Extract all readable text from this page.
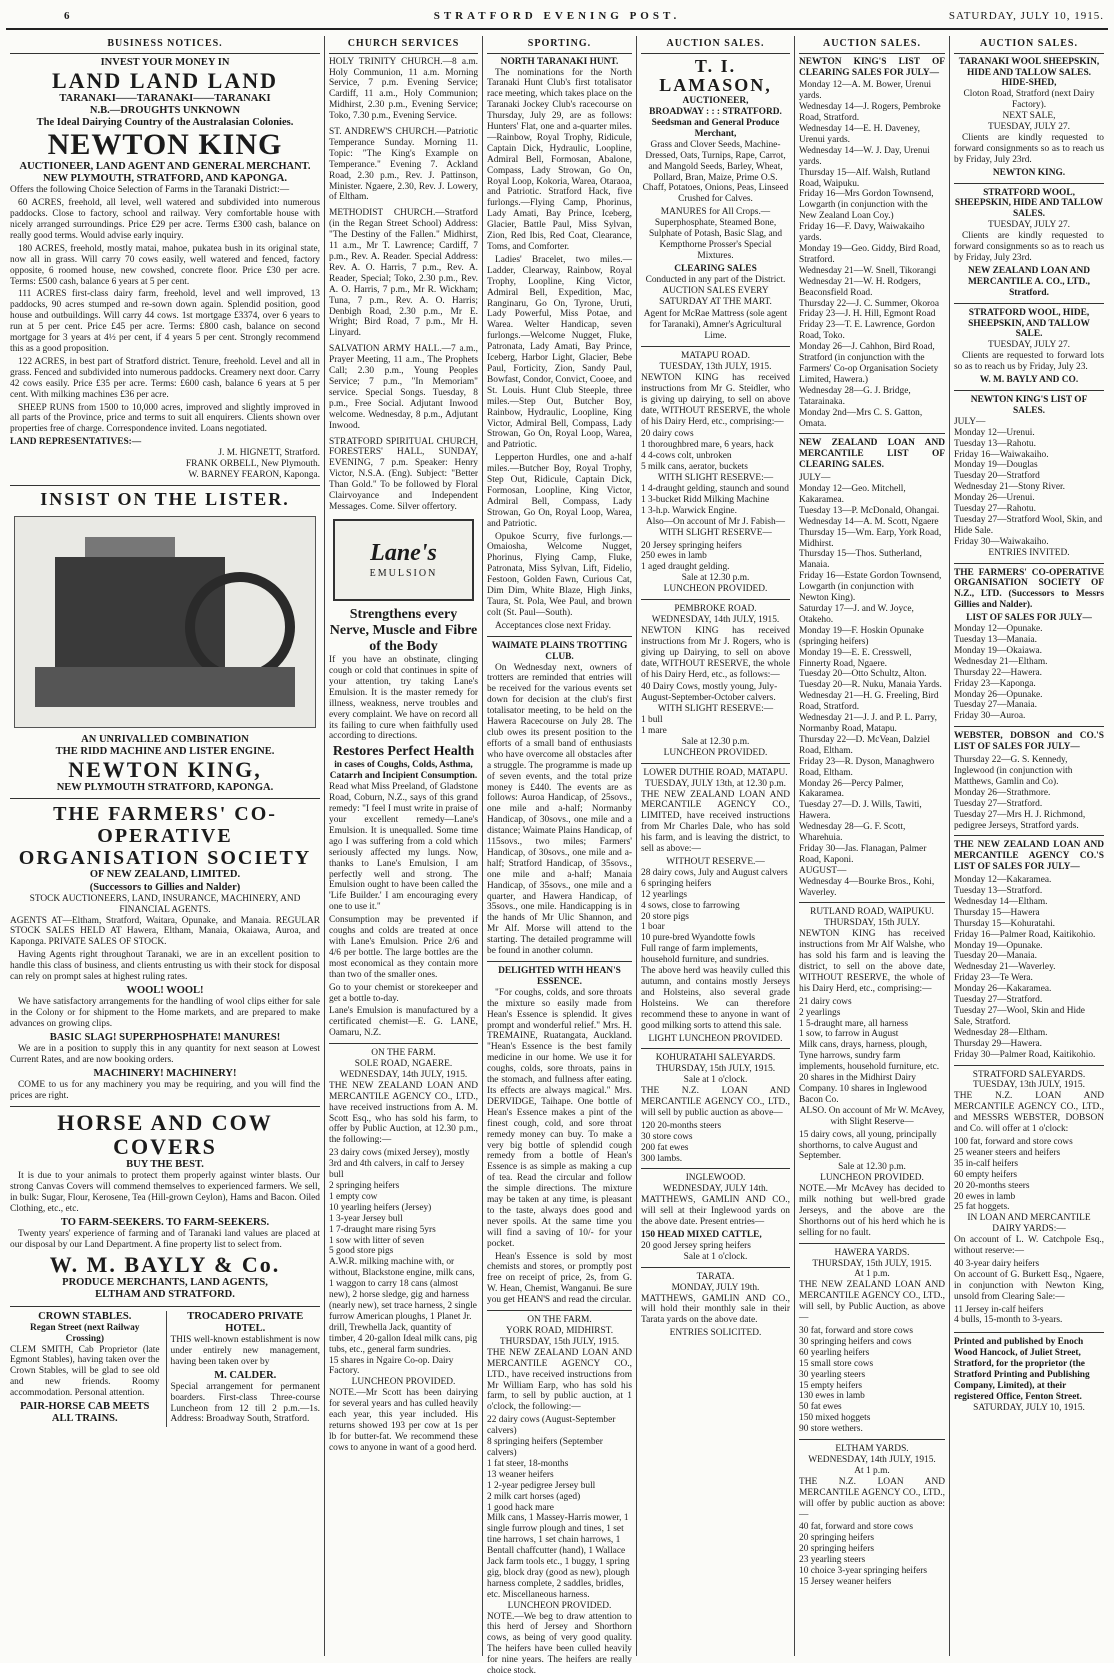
6	STRATFORD EVENING POST.	SATURDAY, JULY 10, 1915.
BUSINESS NOTICES.
INVEST YOUR MONEY IN
LAND LAND LAND
TARANAKI——TARANAKI——TARANAKI
N.B.—DROUGHTS UNKNOWN
The Ideal Dairying Country of the Australasian Colonies.
NEWTON KING
AUCTIONEER, LAND AGENT AND GENERAL MERCHANT.
NEW PLYMOUTH, STRATFORD, AND KAPONGA.

Offers the following Choice Selection of Farms in the Taranaki District:—

60 ACRES, freehold, all level, well watered and subdivided into numerous paddocks. Close to factory, school and railway. Very comfortable house with nicely arranged surroundings. Price £29 per acre. Terms £300 cash, balance on really good terms. Would advise early inquiry.

180 ACRES, freehold, mostly matai, mahoe, pukatea bush in its original state, now all in grass. Will carry 70 cows easily, well watered and fenced, factory opposite, 6 roomed house, new cowshed, concrete floor. Price £30 per acre. Terms: £500 cash, balance 6 years at 5 per cent.

111 ACRES first-class dairy farm, freehold, level and well improved, 13 paddocks, 90 acres stumped and re-sown down again. Splendid position, good house and outbuildings. Will carry 44 cows. 1st mortgage £3374, over 6 years to run at 5 per cent. Price £45 per acre. Terms: £800 cash, balance on second mortgage for 3 years at 4½ per cent, if 4 years 5 per cent. Strongly recommend this as a good proposition.

122 ACRES, in best part of Stratford district. Tenure, freehold. Level and all in grass. Fenced and subdivided into numerous paddocks. Creamery next door. Carry 42 cows easily. Price £35 per acre. Terms: £600 cash, balance 6 years at 5 per cent. With milking machines £36 per acre.

SHEEP RUNS from 1500 to 10,000 acres, improved and slightly improved in all parts of the Province, price and terms to suit all enquirers. Clients shown over properties free of charge. Correspondence invited. Loans negotiated.

LAND REPRESENTATIVES:—
J. M. HIGNETT, Stratford.
FRANK ORBELL, New Plymouth.
W. BARNEY FEARON, Kaponga.
INSIST ON THE LISTER.
AN UNRIVALLED COMBINATION
THE RIDD MACHINE AND LISTER ENGINE.
NEWTON KING,
NEW PLYMOUTH STRATFORD, KAPONGA.
THE FARMERS' CO-OPERATIVE ORGANISATION SOCIETY
OF NEW ZEALAND, LIMITED.
(Successors to Gillies and Nalder)
STOCK AUCTIONEERS, LAND, INSURANCE, MACHINERY, AND FINANCIAL AGENTS.

AGENTS AT—Eltham, Stratford, Waitara, Opunake, and Manaia. REGULAR STOCK SALES HELD AT Hawera, Eltham, Manaia, Okaiawa, Auroa, and Kaponga. PRIVATE SALES OF STOCK.

Having Agents right throughout Taranaki, we are in an excellent position to handle this class of business, and clients entrusting us with their stock for disposal can rely on prompt sales at highest ruling rates.

WOOL! WOOL!

We have satisfactory arrangements for the handling of wool clips either for sale in the Colony or for shipment to the Home markets, and are prepared to make advances on growing clips.

BASIC SLAG! SUPERPHOSPHATE! MANURES!

We are in a position to supply this in any quantity for next season at Lowest Current Rates, and are now booking orders.

MACHINERY! MACHINERY!

COME to us for any machinery you may be requiring, and you will find the prices are right.

HORSE AND COW COVERS
BUY THE BEST.

It is due to your animals to protect them properly against winter blasts. Our strong Canvas Covers will commend themselves to experienced farmers. We sell, in bulk: Sugar, Flour, Kerosene, Tea (Hill-grown Ceylon), Hams and Bacon. Oiled Clothing, etc., etc.

TO FARM-SEEKERS. TO FARM-SEEKERS.

Twenty years' experience of farming and of Taranaki land values are placed at our disposal by our Land Department. A fine property list to select from.

W. M. BAYLY & Co.
PRODUCE MERCHANTS, LAND AGENTS,
ELTHAM AND STRATFORD.
CROWN STABLES.
Regan Street (next Railway Crossing)

CLEM SMITH, Cab Proprietor (late Egmont Stables), having taken over the Crown Stables, will be glad to see old and new friends. Roomy accommodation. Personal attention.

PAIR-HORSE CAB MEETS ALL TRAINS.
TROCADERO PRIVATE HOTEL.

THIS well-known establishment is now under entirely new management, having been taken over by

M. CALDER.

Special arrangement for permanent boarders. First-class Three-course Luncheon from 12 till 2 p.m.—1s. Address: Broadway South, Stratford.

CHURCH SERVICES

HOLY TRINITY CHURCH.—8 a.m. Holy Communion, 11 a.m. Morning Service, 7 p.m. Evening Service; Cardiff, 11 a.m., Holy Communion; Midhirst, 2.30 p.m., Evening Service; Toko, 7.30 p.m., Evening Service.

ST. ANDREW'S CHURCH.—Patriotic Temperance Sunday. Morning 11. Topic: "The King's Example on Temperance." Evening 7. Ackland Road, 2.30 p.m., Rev. J. Pattinson, Minister. Ngaere, 2.30, Rev. J. Lowery, of Eltham.

METHODIST CHURCH.—Stratford (in the Regan Street School) Address: "The Destiny of the Fallen." Midhirst, 11 a.m., Mr T. Lawrence; Cardiff, 7 p.m., Rev. A. Reader. Special Address: Rev. A. O. Harris, 7 p.m., Rev. A. Reader, Special; Toko, 2.30 p.m., Rev. A. O. Harris, 7 p.m., Mr R. Wickham; Tuna, 7 p.m., Rev. A. O. Harris; Denbigh Road, 2.30 p.m., Mr E. Wright; Bird Road, 7 p.m., Mr H. Linyard.

SALVATION ARMY HALL.—7 a.m., Prayer Meeting, 11 a.m., The Prophets Call; 2.30 p.m., Young Peoples Service; 7 p.m., "In Memoriam" service. Special Songs. Tuesday, 8 p.m., Free Social. Adjutant Inwood welcome. Wednesday, 8 p.m., Adjutant Inwood.

STRATFORD SPIRITUAL CHURCH, FORESTERS' HALL, SUNDAY, EVENING, 7 p.m. Speaker: Henry Victor, N.S.A. (Eng). Subject: "Better Than Gold." To be followed by Floral Clairvoyance and Independent Messages. Come. Silver offertory.

Lane's
EMULSION
Strengthens every Nerve, Muscle and Fibre of the Body

If you have an obstinate, clinging cough or cold that continues in spite of your attention, try taking Lane's Emulsion. It is the master remedy for illness, weakness, nerve troubles and every complaint. We have on record all its failing to cure when faithfully used according to directions.

Restores Perfect Health
in cases of Coughs, Colds, Asthma, Catarrh and Incipient Consumption.

Read what Miss Preeland, of Gladstone Road, Coburn, N.Z., says of this grand remedy: "I feel I must write in praise of your excellent remedy—Lane's Emulsion. It is unequalled. Some time ago I was suffering from a cold which seriously affected my lungs. Now, thanks to Lane's Emulsion, I am perfectly well and strong. The Emulsion ought to have been called the 'Life Builder.' I am encouraging every one to use it."

Consumption may be prevented if coughs and colds are treated at once with Lane's Emulsion. Price 2/6 and 4/6 per bottle. The large bottles are the most economical as they contain more than two of the smaller ones.

Go to your chemist or storekeeper and get a bottle to-day.

Lane's Emulsion is manufactured by a certificated chemist—E. G. LANE, Oamaru, N.Z.

ON THE FARM.
SOLE ROAD, NGAERE.
WEDNESDAY, 14th JULY, 1915.

THE NEW ZEALAND LOAN AND MERCANTILE AGENCY CO., LTD., have received instructions from A. M. Scott Esq., who has sold his farm, to offer by Public Auction, at 12.30 p.m., the following:—

23 dairy cows (mixed Jersey), mostly 3rd and 4th calvers, in calf to Jersey bull
2 springing heifers
1 empty cow
10 yearling heifers (Jersey)
1 3-year Jersey bull
1 7-draught mare rising 5yrs
1 sow with litter of seven
5 good store pigs
A.W.R. milking machine with, or without, Blackstone engine, milk cans, 1 waggon to carry 18 cans (almost new), 2 horse sledge, gig and harness (nearly new), set trace harness, 2 single furrow American ploughs, 1 Planet Jr. drill, Trewhella Jack, quantity of timber, 4 20-gallon Ideal milk cans, pig tubs, etc., general farm sundries.
15 shares in Ngaire Co-op. Dairy Factory.
LUNCHEON PROVIDED.

NOTE.—Mr Scott has been dairying for several years and has culled heavily each year, this year included. His returns showed 193 per cow at 1s per lb for butter-fat. We recommend these cows to anyone in want of a good herd.

SPORTING.
NORTH TARANAKI HUNT.

The nominations for the North Taranaki Hunt Club's first totalisator race meeting, which takes place on the Taranaki Jockey Club's racecourse on Thursday, July 29, are as follows: Hunters' Flat, one and a-quarter miles.—Rainbow, Royal Trophy, Ridicule, Captain Dick, Hydraulic, Loopline, Admiral Bell, Formosan, Abalone, Compass, Lady Strowan, Go On, Royal Loop, Kokoria, Warea, Otaraoa, and Patriotic. Stratford Hack, five furlongs.—Flying Camp, Phorinus, Lady Amati, Bay Prince, Iceberg, Glacier, Battle Paul, Miss Sylvan, Zion, Red Ibis, Red Coat, Clearance, Toms, and Comforter.

Ladies' Bracelet, two miles.—Ladder, Clearway, Rainbow, Royal Trophy, Loopline, King Victor, Admiral Bell, Expedition, Mac, Ranginaru, Go On, Tyrone, Uruti, Lady Powerful, Miss Potae, and Warea. Welter Handicap, seven furlongs.—Welcome Nugget, Fluke, Patronata, Lady Amati, Bay Prince, Iceberg, Harbor Light, Glacier, Bebe Paul, Forticity, Zion, Sandy Paul, Bowfast, Condor, Convict, Cooee, and St. Louis. Hunt Club Steeple, three miles.—Step Out, Butcher Boy, Rainbow, Hydraulic, Loopline, King Victor, Admiral Bell, Compass, Lady Strowan, Go On, Royal Loop, Warea, and Patriotic.

Lepperton Hurdles, one and a-half miles.—Butcher Boy, Royal Trophy, Step Out, Ridicule, Captain Dick, Formosan, Loopline, King Victor, Admiral Bell, Compass, Lady Strowan, Go On, Royal Loop, Warea, and Patriotic.

Opukoe Scurry, five furlongs.—Omaiosha, Welcome Nugget, Phorinus, Flying Camp, Fluke, Patronata, Miss Sylvan, Lift, Fidelio, Festoon, Golden Fawn, Curious Cat, Dim Dim, White Blaze, High Jinks, Taura, St. Pola, Wee Paul, and brown colt (St. Paul—South).

Acceptances close next Friday.

WAIMATE PLAINS TROTTING CLUB.

On Wednesday next, owners of trotters are reminded that entries will be received for the various events set down for decision at the club's first totalisator meeting, to be held on the Hawera Racecourse on July 28. The club owes its present position to the efforts of a small band of enthusiasts who have overcome all obstacles after a struggle. The programme is made up of seven events, and the total prize money is £440. The events are as follows: Auroa Handicap, of 25sovs., one mile and a-half; Normanby Handicap, of 30sovs., one mile and a distance; Waimate Plains Handicap, of 115sovs., two miles; Farmers' Handicap, of 30sovs., one mile and a-half; Stratford Handicap, of 35sovs., one mile and a-half; Manaia Handicap, of 35sovs., one mile and a quarter, and Hawera Handicap, of 35sovs., one mile. Handicapping is in the hands of Mr Ulic Shannon, and Mr Alf. Morse will attend to the starting. The detailed programme will be found in another column.

DELIGHTED WITH HEAN'S ESSENCE.

"For coughs, colds, and sore throats the mixture so easily made from Hean's Essence is splendid. It gives prompt and wonderful relief." Mrs. H. TREMAINE, Ruatangata, Auckland. "Hean's Essence is the best family medicine in our home. We use it for coughs, colds, sore throats, pains in the stomach, and fullness after eating. Its effects are always magical." Mrs. DERVIDGE, Taihape. One bottle of Hean's Essence makes a pint of the finest cough, cold, and sore throat remedy money can buy. To make a very big bottle of splendid cough remedy from a bottle of Hean's Essence is as simple as making a cup of tea. Read the circular and follow the simple directions. The mixture may be taken at any time, is pleasant to the taste, always does good and never spoils. At the same time you will find a saving of 10/- for your pocket.

Hean's Essence is sold by most chemists and stores, or promptly post free on receipt of price, 2s, from G. W. Hean, Chemist, Wanganui. Be sure you get HEAN'S and read the circular.

ON THE FARM.
YORK ROAD, MIDHIRST.
THURSDAY, 15th JULY, 1915.

THE NEW ZEALAND LOAN AND MERCANTILE AGENCY CO., LTD., have received instructions from Mr William Earp, who has sold his farm, to sell by public auction, at 1 o'clock, the following:—

22 dairy cows (August-September calvers)
8 springing heifers (September calvers)
1 fat steer, 18-months
13 weaner heifers
1 2-year pedigree Jersey bull
2 milk cart horses (aged)
1 good hack mare
Milk cans, 1 Massey-Harris mower, 1 single furrow plough and tines, 1 set tine harrows, 1 set chain harrows, 1 Bentall chaffcutter (hand), 1 Wallace Jack farm tools etc., 1 buggy, 1 spring gig, block dray (good as new), plough harness complete, 2 saddles, bridles, etc. Miscellaneous harness.
LUNCHEON PROVIDED.

NOTE.—We beg to draw attention to this herd of Jersey and Shorthorn cows, as being of very good quality. The heifers have been culled heavily for nine years. The heifers are really choice stock.

AUCTION SALES.
T. I. LAMASON,
AUCTIONEER,
BROADWAY : : : STRATFORD.
Seedsman and General Produce Merchant,

Grass and Clover Seeds, Machine-Dressed, Oats, Turnips, Rape, Carrot, and Mangold Seeds, Barley, Wheat, Pollard, Bran, Maize, Prime O.S. Chaff, Potatoes, Onions, Peas, Linseed Crushed for Calves.

MANURES for All Crops.—Superphosphate, Steamed Bone, Sulphate of Potash, Basic Slag, and Kempthorne Prosser's Special Mixtures.

CLEARING SALES

Conducted in any part of the District. AUCTION SALES EVERY SATURDAY AT THE MART.

Agent for McRae Mattress (sole agent for Taranaki), Amner's Agricultural Lime.

MATAPU ROAD.
TUESDAY, 13th JULY, 1915.

NEWTON KING has received instructions from Mr G. Steidler, who is giving up dairying, to sell on above date, WITHOUT RESERVE, the whole of his Dairy Herd, etc., comprising:—

20 dairy cows
1 thoroughbred mare, 6 years, hack
4 4-cows colt, unbroken
5 milk cans, aerator, buckets
WITH SLIGHT RESERVE:—
1 4-draught gelding, staunch and sound
1 3-bucket Ridd Milking Machine
1 3-h.p. Warwick Engine.

Also—On account of Mr J. Fabish—WITH SLIGHT RESERVE—

20 Jersey springing heifers
250 ewes in lamb
1 aged draught gelding.
Sale at 12.30 p.m.
LUNCHEON PROVIDED.
PEMBROKE ROAD.
WEDNESDAY, 14th JULY, 1915.

NEWTON KING has received instructions from Mr J. Rogers, who is giving up Dairying, to sell on above date, WITHOUT RESERVE, the whole of his Dairy Herd, etc., as follows:—

40 Dairy Cows, mostly young, July-August-September-October calvers.
WITH SLIGHT RESERVE:—
1 bull
1 mare
Sale at 12.30 p.m.
LUNCHEON PROVIDED.
LOWER DUTHIE ROAD, MATAPU.
TUESDAY, JULY 13th, at 12.30 p.m.

THE NEW ZEALAND LOAN AND MERCANTILE AGENCY CO., LIMITED, have received instructions from Mr Charles Dale, who has sold his farm, and is leaving the district, to sell as above:—

WITHOUT RESERVE.—
28 dairy cows, July and August calvers
6 springing heifers
12 yearlings
4 sows, close to farrowing
20 store pigs
1 boar
10 pure-bred Wyandotte fowls
Full range of farm implements, household furniture, and sundries.

The above herd was heavily culled this autumn, and contains mostly Jerseys and Holsteins, also several grade Holsteins. We can therefore recommend these to anyone in want of good milking sorts to attend this sale.

LIGHT LUNCHEON PROVIDED.
KOHURATAHI SALEYARDS.
THURSDAY, 15th JULY, 1915.
Sale at 1 o'clock.

THE N.Z. LOAN AND MERCANTILE AGENCY CO., LTD., will sell by public auction as above—

120 20-months steers
30 store cows
200 fat ewes
300 lambs.
INGLEWOOD.
WEDNESDAY, JULY 14th.

MATTHEWS, GAMLIN AND CO., will sell at their Inglewood yards on the above date. Present entries—

150 HEAD MIXED CATTLE,
20 good Jersey spring heifers
Sale at 1 o'clock.
TARATA.
MONDAY, JULY 19th.

MATTHEWS, GAMLIN AND CO., will hold their monthly sale in their Tarata yards on the above date.

ENTRIES SOLICITED.
AUCTION SALES.

NEWTON KING'S LIST OF CLEARING SALES FOR JULY—

Monday 12—A. M. Bower, Urenui yards.
Wednesday 14—J. Rogers, Pembroke Road, Stratford.
Wednesday 14—E. H. Daveney, Urenui yards.
Wednesday 14—W. J. Day, Urenui yards.
Thursday 15—Alf. Walsh, Rutland Road, Waipuku.
Friday 16—Mrs Gordon Townsend, Lowgarth (in conjunction with the New Zealand Loan Coy.)
Friday 16—F. Davy, Waiwakaiho yards.
Monday 19—Geo. Giddy, Bird Road, Stratford.
Wednesday 21—W. Snell, Tikorangi
Wednesday 21—W. H. Rodgers, Beaconsfield Road.
Thursday 22—J. C. Summer, Okoroa
Friday 23—J. H. Hill, Egmont Road
Friday 23—T. E. Lawrence, Gordon Road, Toko.
Monday 26—J. Cahhon, Bird Road, Stratford (in conjunction with the Farmers' Co-op Organisation Society Limited, Hawera.)
Wednesday 28—G. J. Bridge, Tatarainaka.
Monday 2nd—Mrs C. S. Gatton, Omata.

NEW ZEALAND LOAN AND MERCANTILE LIST OF CLEARING SALES.

JULY—
Monday 12—Geo. Mitchell, Kakaramea.
Tuesday 13—P. McDonald, Ohangai.
Wednesday 14—A. M. Scott, Ngaere
Thursday 15—Wm. Earp, York Road, Midhirst.
Thursday 15—Thos. Sutherland, Manaia.
Friday 16—Estate Gordon Townsend, Lowgarth (in conjunction with Newton King).
Saturday 17—J. and W. Joyce, Otakeho.
Monday 19—F. Hoskin Opunake (springing heifers)
Monday 19—E. E. Cresswell, Finnerty Road, Ngaere.
Tuesday 20—Otto Schultz, Alton.
Tuesday 20—R. Nuku, Manaia Yards.
Wednesday 21—H. G. Freeling, Bird Road, Stratford.
Wednesday 21—J. J. and P. L. Parry, Normanby Road, Matapu.
Thursday 22—D. McVean, Dalziel Road, Eltham.
Friday 23—R. Dyson, Managhwero Road, Eltham.
Monday 26—Percy Palmer, Kakaramea.
Tuesday 27—D. J. Wills, Tawiti, Hawera.
Wednesday 28—G. F. Scott, Wharehuia.
Friday 30—Jas. Flanagan, Palmer Road, Kaponi.
AUGUST—
Wednesday 4—Bourke Bros., Kohi, Waverley.
RUTLAND ROAD, WAIPUKU.
THURSDAY, 15th JULY.

NEWTON KING has received instructions from Mr Alf Walshe, who has sold his farm and is leaving the district, to sell on the above date, WITHOUT RESERVE, the whole of his Dairy Herd, etc., comprising:—

21 dairy cows
2 yearlings
1 5-draught mare, all harness
1 sow, to farrow in August
Milk cans, drays, harness, plough, Tyne harrows, sundry farm implements, household furniture, etc. 20 shares in the Midhirst Dairy Company. 10 shares in Inglewood Bacon Co.

ALSO. On account of Mr W. McAvey, with Slight Reserve—

15 dairy cows, all young, principally shorthorns, to calve August and September.
Sale at 12.30 p.m.
LUNCHEON PROVIDED.

NOTE.—Mr McAvey has decided to milk nothing but well-bred grade Jerseys, and the above are the Shorthorns out of his herd which he is selling for no fault.

HAWERA YARDS.
THURSDAY, 15th JULY, 1915.
At 1 p.m.

THE NEW ZEALAND LOAN AND MERCANTILE AGENCY CO., LTD., will sell, by Public Auction, as above—

30 fat, forward and store cows
30 springing heifers and cows
60 yearling heifers
15 small store cows
30 yearling steers
15 empty heifers
130 ewes in lamb
50 fat ewes
150 mixed hoggets
90 store wethers.
ELTHAM YARDS.
WEDNESDAY, 14th JULY, 1915.
At 1 p.m.

THE N.Z. LOAN AND MERCANTILE AGENCY CO., LTD., will offer by public auction as above:—

40 fat, forward and store cows
20 springing heifers
20 springing heifers
23 yearling steers
10 choice 3-year springing heifers
15 Jersey weaner heifers
AUCTION SALES.
TARANAKI WOOL SHEEPSKIN, HIDE AND TALLOW SALES.
HIDE-SHED,
Cloton Road, Stratford (next Dairy Factory).
NEXT SALE,
TUESDAY, JULY 27.

Clients are kindly requested to forward consignments so as to reach us by Friday, July 23rd.

NEWTON KING.
STRATFORD WOOL, SHEEPSKIN, HIDE AND TALLOW SALES.
TUESDAY, JULY 27.

Clients are kindly requested to forward consignments so as to reach us by Friday, July 23rd.

NEW ZEALAND LOAN AND MERCANTILE A. CO., LTD., Stratford.
STRATFORD WOOL, HIDE, SHEEPSKIN, AND TALLOW SALE.
TUESDAY, JULY 27.

Clients are requested to forward lots so as to reach us by Friday, July 23.

W. M. BAYLY AND CO.
NEWTON KING'S LIST OF SALES.
JULY—
Monday 12—Urenui.
Tuesday 13—Rahotu.
Friday 16—Waiwakaiho.
Monday 19—Douglas
Tuesday 20—Stratford
Wednesday 21—Stony River.
Monday 26—Urenui.
Tuesday 27—Rahotu.
Tuesday 27—Stratford Wool, Skin, and Hide Sale.
Friday 30—Waiwakaiho.
ENTRIES INVITED.

THE FARMERS' CO-OPERATIVE ORGANISATION SOCIETY OF N.Z., LTD. (Successors to Messrs Gillies and Nalder).

LIST OF SALES FOR JULY—
Monday 12—Opunake.
Tuesday 13—Manaia.
Monday 19—Okaiawa.
Wednesday 21—Eltham.
Thursday 22—Hawera.
Friday 23—Kaponga.
Monday 26—Opunake.
Tuesday 27—Manaia.
Friday 30—Auroa.

WEBSTER, DOBSON and CO.'S LIST OF SALES FOR JULY—

Thursday 22—G. S. Kennedy, Inglewood (in conjunction with Matthews, Gamlin and Co).
Monday 26—Strathmore.
Tuesday 27—Stratford.
Tuesday 27—Mrs H. J. Richmond, pedigree Jerseys, Stratford yards.

THE NEW ZEALAND LOAN AND MERCANTILE AGENCY CO.'S LIST OF SALES FOR JULY—

Monday 12—Kakaramea.
Tuesday 13—Stratford.
Wednesday 14—Eltham.
Thursday 15—Hawera
Thursday 15—Kohuratahi.
Friday 16—Palmer Road, Kaitikohio.
Monday 19—Opunake.
Tuesday 20—Manaia.
Wednesday 21—Waverley.
Friday 23—Te Wera.
Monday 26—Kakaramea.
Tuesday 27—Stratford.
Tuesday 27—Wool, Skin and Hide Sale, Stratford.
Wednesday 28—Eltham.
Thursday 29—Hawera.
Friday 30—Palmer Road, Kaitikohio.
STRATFORD SALEYARDS.
TUESDAY, 13th JULY, 1915.

THE N.Z. LOAN AND MERCANTILE AGENCY CO., LTD., and MESSRS WEBSTER, DOBSON and Co. will offer at 1 o'clock:

100 fat, forward and store cows
25 weaner steers and heifers
35 in-calf heifers
60 empty heifers
20 20-months steers
20 ewes in lamb
25 fat hoggets.
IN LOAN AND MERCANTILE DAIRY YARDS:—

On account of L. W. Catchpole Esq., without reserve:—

40 3-year dairy heifers

On account of G. Burkett Esq., Ngaere, in conjunction with Newton King, unsold from Clearing Sale:—

11 Jersey in-calf heifers
4 bulls, 15-month to 3-years.
Printed and published by Enoch Wood Hancock, of Juliet Street, Stratford, for the proprietor (the Stratford Printing and Publishing Company, Limited), at their registered Office, Fenton Street.
SATURDAY, JULY 10, 1915.
